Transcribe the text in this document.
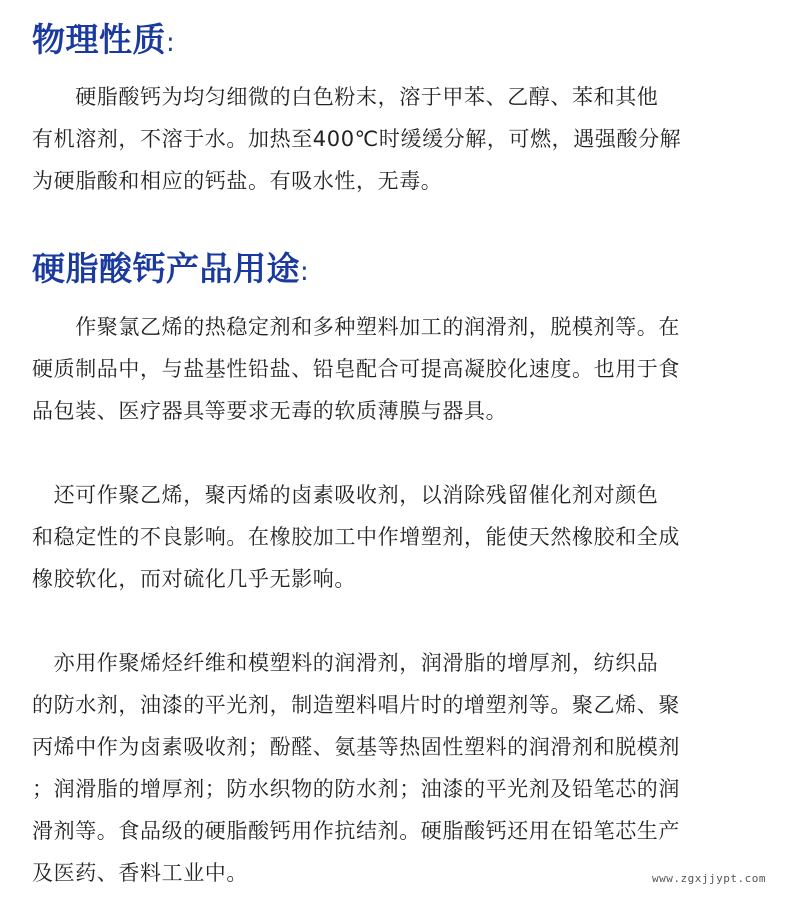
物理性质:

　　硬脂酸钙为均匀细微的白色粉末，溶于甲苯、乙醇、苯和其他
有机溶剂，不溶于水。加热至400℃时缓缓分解，可燃，遇强酸分解
为硬脂酸和相应的钙盐。有吸水性，无毒。

硬脂酸钙产品用途:

　　作聚氯乙烯的热稳定剂和多种塑料加工的润滑剂，脱模剂等。在
硬质制品中，与盐基性铅盐、铅皂配合可提高凝胶化速度。也用于食
品包装、医疗器具等要求无毒的软质薄膜与器具。

　还可作聚乙烯，聚丙烯的卤素吸收剂，以消除残留催化剂对颜色
和稳定性的不良影响。在橡胶加工中作增塑剂，能使天然橡胶和全成
橡胶软化，而对硫化几乎无影响。

　亦用作聚烯烃纤维和模塑料的润滑剂，润滑脂的增厚剂，纺织品
的防水剂，油漆的平光剂，制造塑料唱片时的增塑剂等。聚乙烯、聚
丙烯中作为卤素吸收剂；酚醛、氨基等热固性塑料的润滑剂和脱模剂
；润滑脂的增厚剂；防水织物的防水剂；油漆的平光剂及铅笔芯的润
滑剂等。食品级的硬脂酸钙用作抗结剂。硬脂酸钙还用在铅笔芯生产
及医药、香料工业中。	www.zgxjjypt.com
